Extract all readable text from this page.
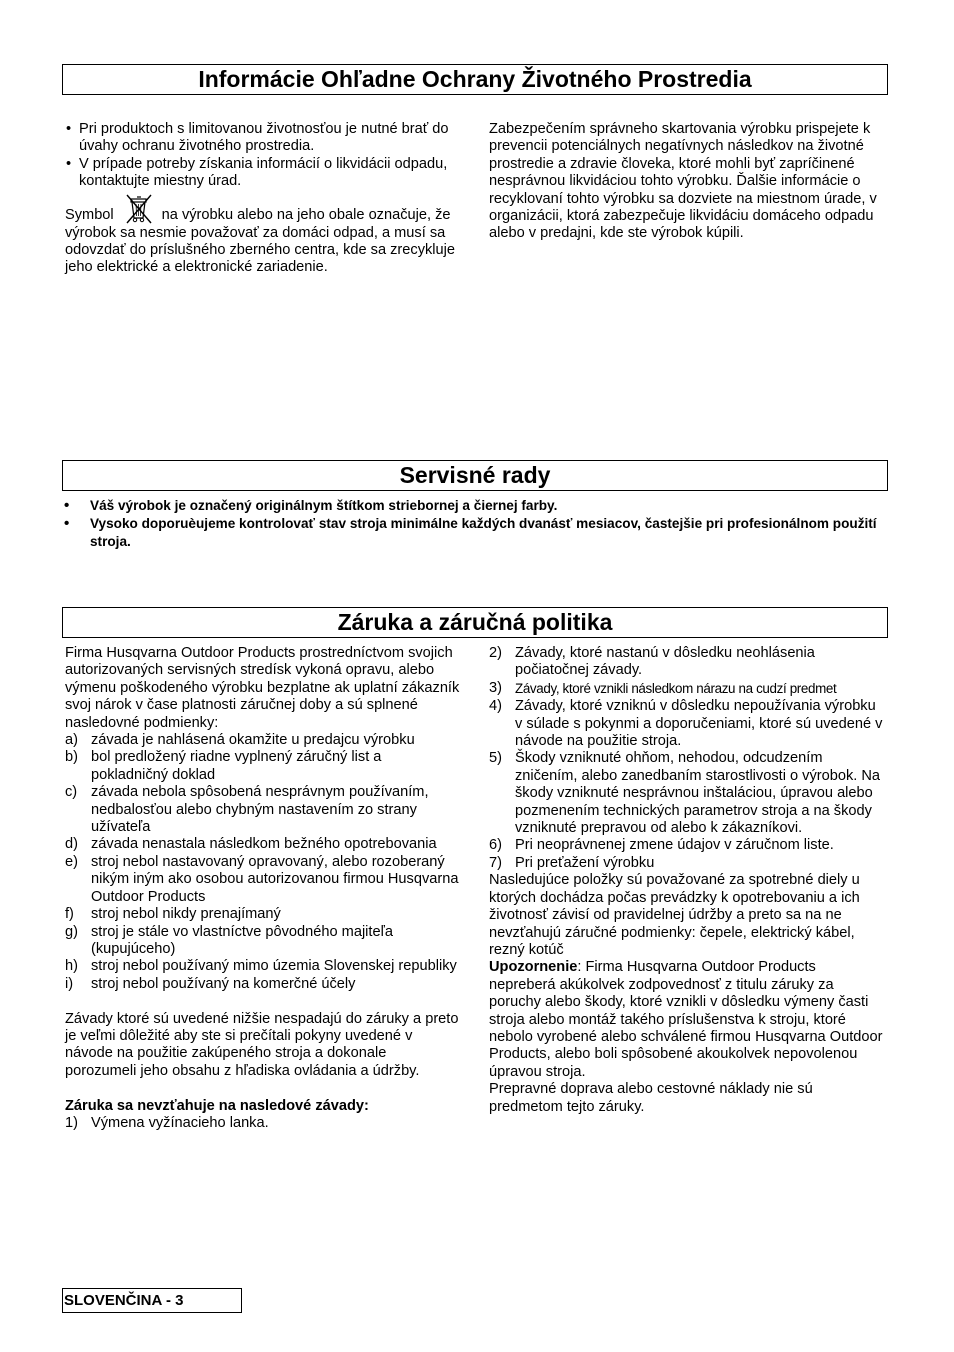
Informácie Ohľadne Ochrany Životného Prostredia
• Pri produktoch s limitovanou životnosťou je nutné brať do úvahy ochranu životného prostredia.
• V prípade potreby získania informácií o likvidácii odpadu, kontaktujte miestny úrad.

Symbol	na výrobku alebo na jeho obale označuje, že výrobok sa nesmie považovať za domáci odpad, a musí sa odovzdať do príslušného zberného centra, kde sa zrecykluje jeho elektrické a elektronické zariadenie.

Zabezpečením správneho skartovania výrobku prispejete k prevencii potenciálnych negatívnych následkov na životné prostredie a zdravie človeka, ktoré mohli byť zapríčinené nesprávnou likvidáciou tohto výrobku. Ďalšie informácie o recyklovaní tohto výrobku sa dozviete na miestnom úrade, v organizácii, ktorá zabezpečuje likvidáciu domáceho odpadu alebo v predajni, kde ste výrobok kúpili.

Servisné rady
• Váš výrobok je označený originálnym štítkom striebornej a čiernej farby.
• Vysoko doporuèujeme kontrolovať stav stroja minimálne každých dvanásť mesiacov, častejšie pri profesionálnom použití stroja.
Záruka a záručná politika

Firma Husqvarna Outdoor Products prostredníctvom svojich autorizovaných servisných stredísk vykoná opravu, alebo výmenu poškodeného výrobku bezplatne ak uplatní zákazník svoj nárok v čase platnosti záručnej doby a sú splnené nasledovné podmienky:

a) závada je nahlásená okamžite u predajcu výrobku
b) bol predložený riadne vyplnený záručný list a pokladničný doklad
c) závada nebola spôsobená nesprávnym používaním, nedbalosťou alebo chybným nastavením zo strany užívateľa
d) závada nenastala následkom bežného opotrebovania
e) stroj nebol nastavovaný opravovaný, alebo rozoberaný nikým iným ako osobou autorizovanou firmou Husqvarna Outdoor Products
f) stroj nebol nikdy prenajímaný
g) stroj je stále vo vlastníctve pôvodného majiteľa (kupujúceho)
h) stroj nebol používaný mimo územia Slovenskej republiky
i) stroj nebol používaný na komerčné účely

Závady ktoré sú uvedené nižšie nespadajú do záruky a preto je veľmi dôležité aby ste si prečítali pokyny uvedené v návode na použitie zakúpeného stroja a dokonale porozumeli jeho obsahu z hľadiska ovládania a údržby.

Záruka sa nevzťahuje na nasledové závady:

1) Výmena vyžínacieho lanka.
2) Závady, ktoré nastanú v dôsledku neohlásenia počiatočnej závady.
3) Závady, ktoré vznikli následkom nárazu na cudzí predmet
4) Závady, ktoré vzniknú v dôsledku nepoužívania výrobku v súlade s pokynmi a doporučeniami, ktoré sú uvedené v návode na použitie stroja.
5) Škody vzniknuté ohňom, nehodou, odcudzením zničením, alebo zanedbaním starostlivosti o výrobok. Na škody vzniknuté nesprávnou inštaláciou, úpravou alebo pozmenením technických parametrov stroja a na škody vzniknuté prepravou od alebo k zákazníkovi.
6) Pri neoprávnenej zmene údajov v záručnom liste.
7) Pri preťažení výrobku

Nasledujúce položky sú považované za spotrebné diely u ktorých dochádza počas prevádzky k opotrebovaniu a ich životnosť závisí od pravidelnej údržby a preto sa na ne nevzťahujú záručné podmienky: čepele, elektrický kábel, rezný kotúč

Upozornenie: Firma Husqvarna Outdoor Products nepreberá akúkolvek zodpovednosť z titulu záruky za poruchy alebo škody, ktoré vznikli v dôsledku výmeny časti stroja alebo montáž takého príslušenstva k stroju, ktoré nebolo vyrobené alebo schválené firmou Husqvarna Outdoor Products, alebo boli spôsobené akoukolvek nepovolenou úpravou stroja.

Prepravné doprava alebo cestovné náklady nie sú predmetom tejto záruky.

SLOVENČINA - 3
